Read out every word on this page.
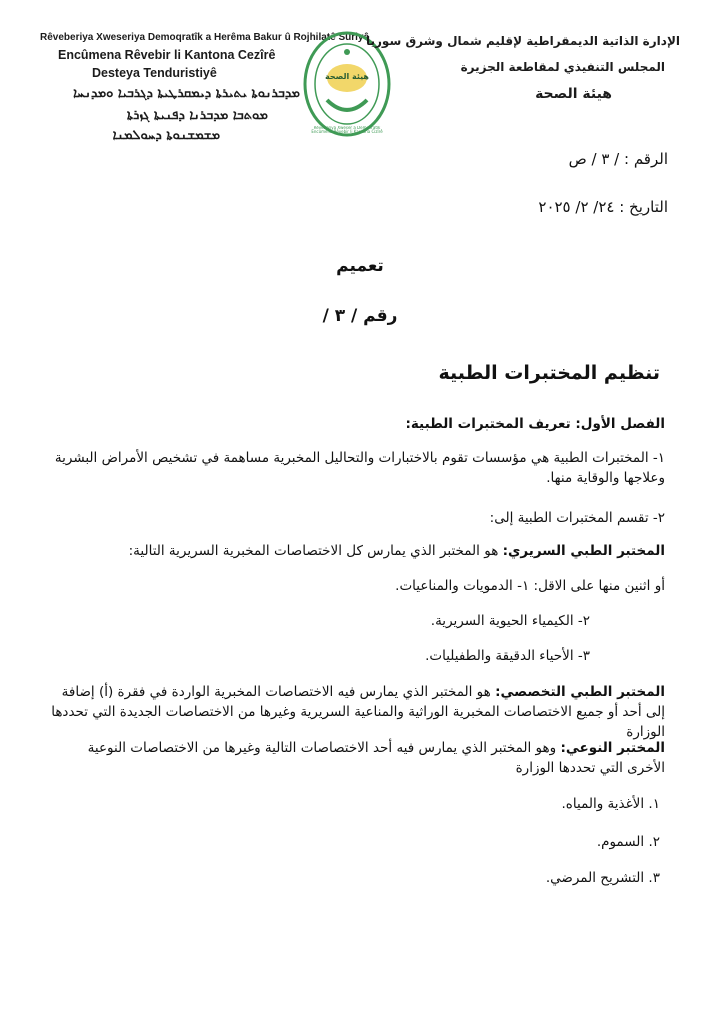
Rêveberiya Xweseriya Demoqratîk a Herêma Bakur û Rojhilatê Sûriyê
Encûmena Rêvebir li Kantona Cezîrê
Desteya Tenduristiyê
ܡܕܒܪܢܘܬܐ ܝܬܝܪܬܐ ܕܝܡܩܪܛܝܬܐ ܕܓܪܒܝܐ ܘܡܕܢܚܐ
ܡܘܬܒܐ ܡܕܒܪܢܐ ܕܦܢܝܬܐ ܓܙܪܬܐ
ܡܫܡܫܢܘܬܐ ܕܚܘܠܡܢܐ
هيئة الصحة
Rêveberiya Xweser a Demokratîk Encûmena Rêvebir li Kantona Cizîrê
الإدارة الذاتية الديمقراطية لإقليم شمال وشرق سوريا
المجلس التنفيذي لمقاطعة الجزيرة
هيئة الصحة
الرقم : / ٣ / ص
التاريخ : ٢٤/ ٢/ ٢٠٢٥
تعميم
رقم / ٣ /
تنظيم المختبرات الطبية
الفصل الأول: تعريف المختبرات الطبية:
١- المختبرات الطبية هي مؤسسات تقوم بالاختبارات والتحاليل المخبرية مساهمة في تشخيص الأمراض البشرية وعلاجها والوقاية منها.
٢- تقسم المختبرات الطبية إلى:
المختبر الطبي السريري: هو المختبر الذي يمارس كل الاختصاصات المخبرية السريرية التالية:
أو اثنين منها على الاقل: ١- الدمويات والمناعيات.
٢- الكيمياء الحيوية السريرية.
٣- الأحياء الدقيقة والطفيليات.
المختبر الطبي التخصصي: هو المختبر الذي يمارس فيه الاختصاصات المخبرية الواردة في فقرة (أ) إضافة إلى أحد أو جميع الاختصاصات المخبرية الوراثية والمناعية السريرية وغيرها من الاختصاصات الجديدة التي تحددها الوزارة
المختبر النوعي: وهو المختبر الذي يمارس فيه أحد الاختصاصات التالية وغيرها من الاختصاصات النوعية الأخرى التي تحددها الوزارة
١. الأغذية والمياه.
٢. السموم.
٣. التشريح المرضي.
